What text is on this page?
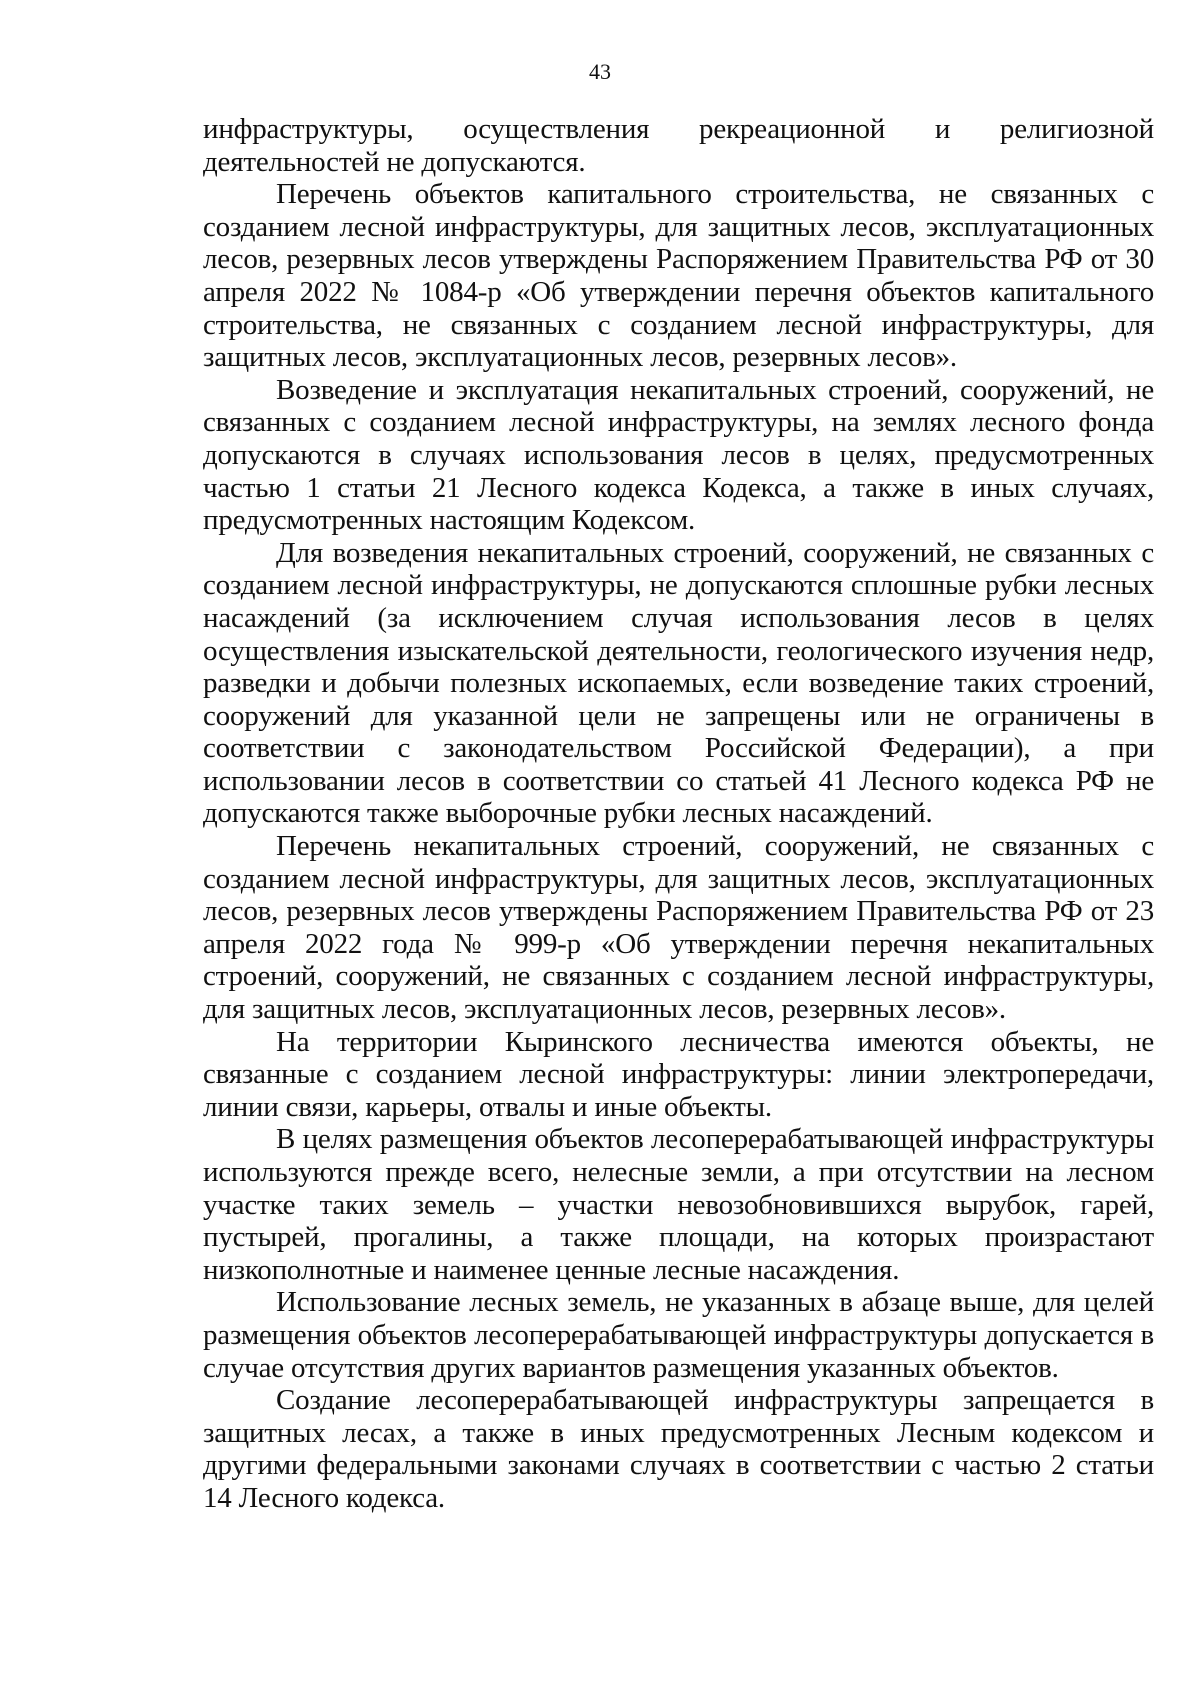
43

инфраструктуры, осуществления рекреационной и религиозной деятельностей не допускаются.

Перечень объектов капитального строительства, не связанных с созданием лесной инфраструктуры, для защитных лесов, эксплуатационных лесов, резервных лесов утверждены Распоряжением Правительства РФ от 30 апреля 2022 № 1084-р «Об утверждении перечня объектов капитального строительства, не связанных с созданием лесной инфраструктуры, для защитных лесов, эксплуатационных лесов, резервных лесов».

Возведение и эксплуатация некапитальных строений, сооружений, не связанных с созданием лесной инфраструктуры, на землях лесного фонда допускаются в случаях использования лесов в целях, предусмотренных частью 1 статьи 21 Лесного кодекса Кодекса, а также в иных случаях, предусмотренных настоящим Кодексом.

Для возведения некапитальных строений, сооружений, не связанных с созданием лесной инфраструктуры, не допускаются сплошные рубки лесных насаждений (за исключением случая использования лесов в целях осуществления изыскательской деятельности, геологического изучения недр, разведки и добычи полезных ископаемых, если возведение таких строений, сооружений для указанной цели не запрещены или не ограничены в соответствии с законодательством Российской Федерации), а при использовании лесов в соответствии со статьей 41 Лесного кодекса РФ не допускаются также выборочные рубки лесных насаждений.

Перечень некапитальных строений, сооружений, не связанных с созданием лесной инфраструктуры, для защитных лесов, эксплуатационных лесов, резервных лесов утверждены Распоряжением Правительства РФ от 23 апреля 2022 года № 999-р «Об утверждении перечня некапитальных строений, сооружений, не связанных с созданием лесной инфраструктуры, для защитных лесов, эксплуатационных лесов, резервных лесов».

На территории Кыринского лесничества имеются объекты, не связанные с созданием лесной инфраструктуры: линии электропередачи, линии связи, карьеры, отвалы и иные объекты.

В целях размещения объектов лесоперерабатывающей инфраструктуры используются прежде всего, нелесные земли, а при отсутствии на лесном участке таких земель – участки невозобновившихся вырубок, гарей, пустырей, прогалины, а также площади, на которых произрастают низкополнотные и наименее ценные лесные насаждения.

Использование лесных земель, не указанных в абзаце выше, для целей размещения объектов лесоперерабатывающей инфраструктуры допускается в случае отсутствия других вариантов размещения указанных объектов.

Создание лесоперерабатывающей инфраструктуры запрещается в защитных лесах, а также в иных предусмотренных Лесным кодексом и другими федеральными законами случаях в соответствии с частью 2 статьи 14 Лесного кодекса.
